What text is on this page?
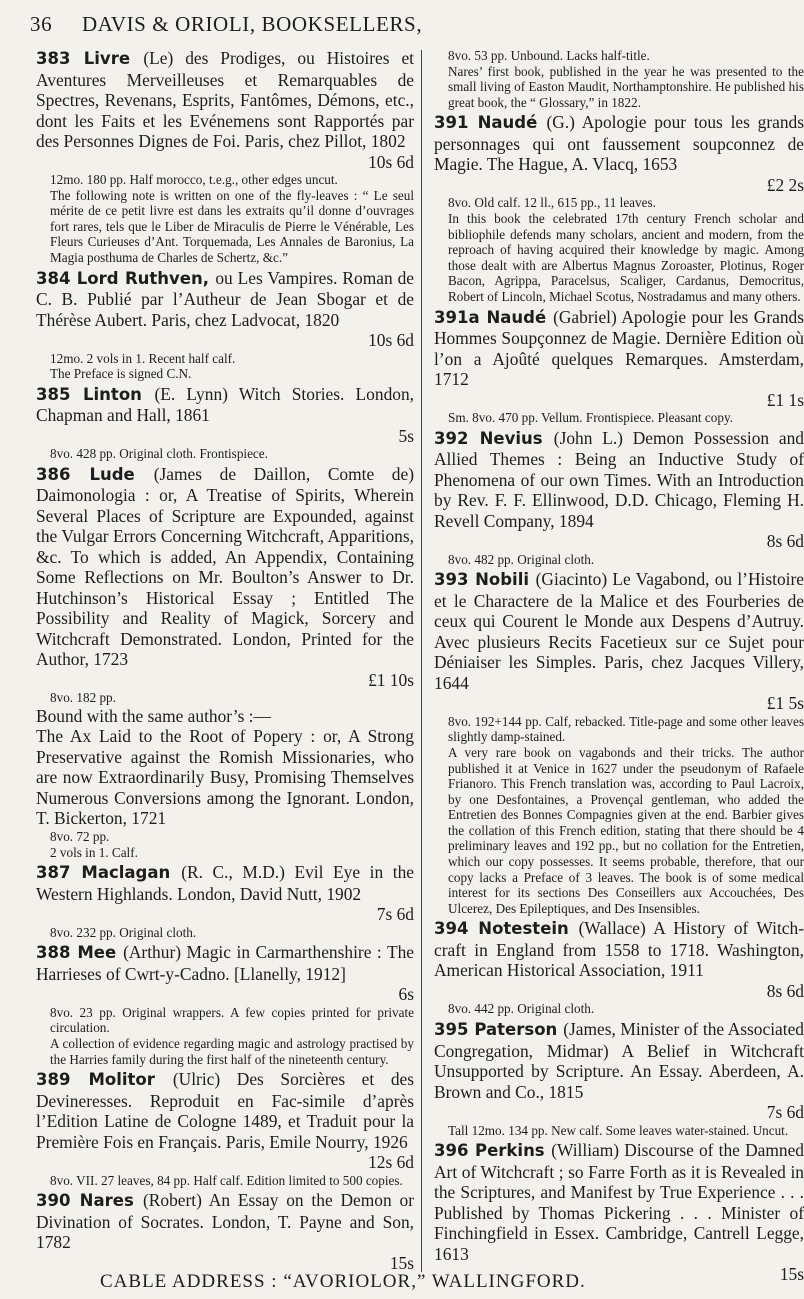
36 DAVIS & ORIOLI, BOOKSELLERS,
383 Livre (Le) des Prodiges, ou Histoires et Aventures Merveilleuses et Remarquables de Spectres, Revenans, Esprits, Fantômes, Démons, etc., dont les Faits et les Evénemens sont Rapportés par des Personnes Dignes de Foi. Paris, chez Pillot, 1802
10s 6d

12mo. 180 pp. Half morocco, t.e.g., other edges uncut.

The following note is written on one of the fly-leaves : “ Le seul mérite de ce petit livre est dans les extraits qu’il donne d’ouvrages fort rares, tels que le Liber de Miraculis de Pierre le Vénérable, Les Fleurs Curieuses d’Ant. Torquemada, Les Annales de Baronius, La Magia posthuma de Charles de Schertz, &c.”

384 Lord Ruthven, ou Les Vampires. Roman de C. B. Publié par l’Autheur de Jean Sbogar et de Thérèse Aubert. Paris, chez Ladvocat, 1820
10s 6d

12mo. 2 vols in 1. Recent half calf.

The Preface is signed C.N.

385 Linton (E. Lynn) Witch Stories. London, Chapman and Hall, 1861
5s

8vo. 428 pp. Original cloth. Frontispiece.

386 Lude (James de Daillon, Comte de) Daimonologia : or, A Treatise of Spirits, Wherein Several Places of Scripture are Expounded, against the Vulgar Errors Concerning Witchcraft, Apparitions, &c. To which is added, An Appendix, Containing Some Reflections on Mr. Boulton’s Answer to Dr. Hutchinson’s Historical Essay ; Entitled The Possibility and Reality of Magick, Sorcery and Witchcraft Demonstrated. London, Printed for the Author, 1723
£1 10s

8vo. 182 pp.

Bound with the same author’s :—
The Ax Laid to the Root of Popery : or, A Strong Preservative against the Romish Missionaries, who are now Extraordinarily Busy, Promising Themselves Numerous Conversions among the Ignorant. London, T. Bickerton, 1721

8vo. 72 pp.

2 vols in 1. Calf.

387 Maclagan (R. C., M.D.) Evil Eye in the Western Highlands. London, David Nutt, 1902
7s 6d

8vo. 232 pp. Original cloth.

388 Mee (Arthur) Magic in Carmarthenshire : The Harrieses of Cwrt-y-Cadno. [Llanelly, 1912]
6s

8vo. 23 pp. Original wrappers. A few copies printed for private circulation.

A collection of evidence regarding magic and astrology practised by the Harries family during the first half of the nineteenth century.

389 Molitor (Ulric) Des Sorcières et des Devineresses. Reproduit en Fac-simile d’après l’Edition Latine de Cologne 1489, et Traduit pour la Première Fois en Français. Paris, Emile Nourry, 1926
12s 6d

8vo. VII. 27 leaves, 84 pp. Half calf. Edition limited to 500 copies.

390 Nares (Robert) An Essay on the Demon or Divination of Socrates. London, T. Payne and Son, 1782
15s

8vo. 53 pp. Unbound. Lacks half-title.

Nares’ first book, published in the year he was presented to the small living of Easton Maudit, Northamptonshire. He published his great book, the “ Glossary,” in 1822.

391 Naudé (G.) Apologie pour tous les grands personnages qui ont faussement soupconnez de Magie. The Hague, A. Vlacq, 1653
£2 2s

8vo. Old calf. 12 ll., 615 pp., 11 leaves.

In this book the celebrated 17th century French scholar and bibliophile defends many scholars, ancient and modern, from the reproach of having acquired their knowledge by magic. Among those dealt with are Albertus Magnus Zoroaster, Plotinus, Roger Bacon, Agrippa, Paracelsus, Scaliger, Cardanus, Democritus, Robert of Lincoln, Michael Scotus, Nostradamus and many others.

391a Naudé (Gabriel) Apologie pour les Grands Hommes Soupçonnez de Magie. Dernière Edition où l’on a Ajoûté quelques Remarques. Amsterdam, 1712
£1 1s

Sm. 8vo. 470 pp. Vellum. Frontispiece. Pleasant copy.

392 Nevius (John L.) Demon Possession and Allied Themes : Being an Inductive Study of Phenomena of our own Times. With an Introduction by Rev. F. F. Ellinwood, D.D. Chicago, Fleming H. Revell Company, 1894
8s 6d

8vo. 482 pp. Original cloth.

393 Nobili (Giacinto) Le Vagabond, ou l’Histoire et le Charactere de la Malice et des Fourberies de ceux qui Courent le Monde aux Despens d’Autruy. Avec plusieurs Recits Facetieux sur ce Sujet pour Déniaiser les Simples. Paris, chez Jacques Villery, 1644
£1 5s

8vo. 192+144 pp. Calf, rebacked. Title-page and some other leaves slightly damp-stained.

A very rare book on vagabonds and their tricks. The author published it at Venice in 1627 under the pseudonym of Rafaele Frianoro. This French translation was, according to Paul Lacroix, by one Desfontaines, a Provençal gentleman, who added the Entretien des Bonnes Compagnies given at the end. Barbier gives the collation of this French edition, stating that there should be 4 preliminary leaves and 192 pp., but no collation for the Entretien, which our copy possesses. It seems probable, therefore, that our copy lacks a Preface of 3 leaves. The book is of some medical interest for its sections Des Conseillers aux Accouchées, Des Ulcerez, Des Epileptiques, and Des Insensibles.

394 Notestein (Wallace) A History of Witch-craft in England from 1558 to 1718. Washington, American Historical Association, 1911
8s 6d

8vo. 442 pp. Original cloth.

395 Paterson (James, Minister of the Associated Congregation, Midmar) A Belief in Witchcraft Unsupported by Scripture. An Essay. Aberdeen, A. Brown and Co., 1815
7s 6d

Tall 12mo. 134 pp. New calf. Some leaves water-stained. Uncut.

396 Perkins (William) Discourse of the Damned Art of Witchcraft ; so Farre Forth as it is Revealed in the Scriptures, and Manifest by True Experience . . . Published by Thomas Pickering . . . Minister of Finchingfield in Essex. Cambridge, Cantrell Legge, 1613
15s
CABLE ADDRESS : “AVORIOLOR,” WALLINGFORD.
